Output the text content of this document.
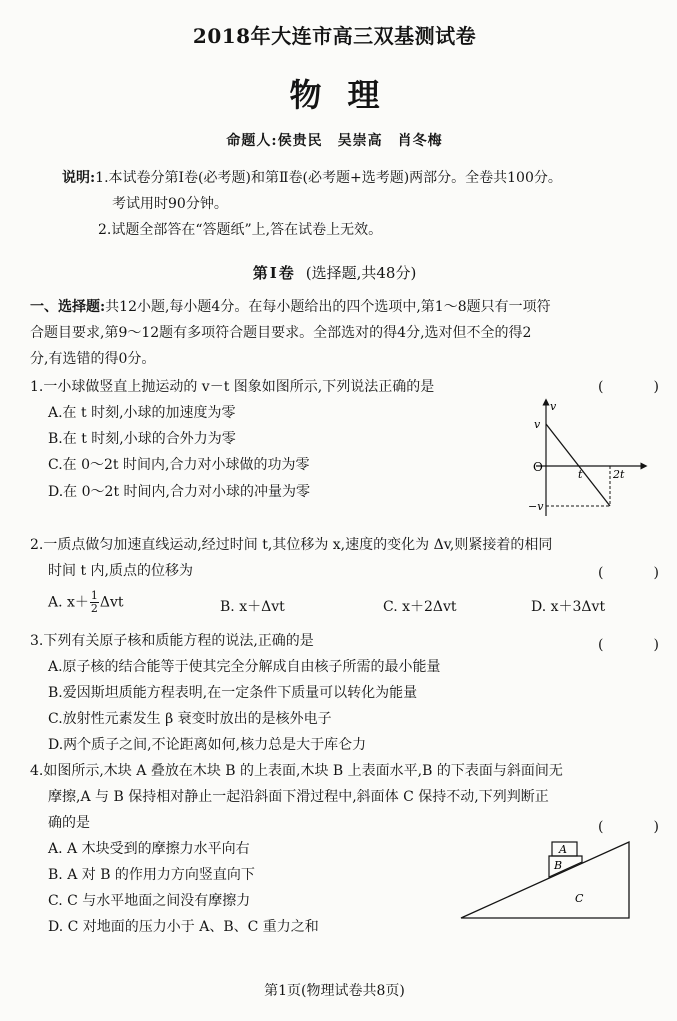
2018年大连市高三双基测试卷
物理
命题人:侯贵民　吴崇高　肖冬梅
说明:1.本试卷分第Ⅰ卷(必考题)和第Ⅱ卷(必考题+选考题)两部分。全卷共100分。
考试用时90分钟。
2.试题全部答在“答题纸”上,答在试卷上无效。
第Ⅰ卷 (选择题,共48分)
一、选择题:共12小题,每小题4分。在每小题给出的四个选项中,第1～8题只有一项符
合题目要求,第9～12题有多项符合题目要求。全部选对的得4分,选对但不全的得2
分,有选错的得0分。
1.一小球做竖直上抛运动的 v－t 图象如图所示,下列说法正确的是	(　)
A.在 t 时刻,小球的加速度为零
B.在 t 时刻,小球的合外力为零
C.在 0～2t 时间内,合力对小球做的功为零
D.在 0～2t 时间内,合力对小球的冲量为零
v
v
O
t	2t
−v
2.一质点做匀加速直线运动,经过时间 t,其位移为 x,速度的变化为 Δv,则紧接着的相同
时间 t 内,质点的位移为	(　)
A. $x+ \frac{1}{2}$ Δvt	B. x＋Δvt	C. x＋2Δvt	D. x＋3Δvt
3.下列有关原子核和质能方程的说法,正确的是	(　)
A.原子核的结合能等于使其完全分解成自由核子所需的最小能量
B.爱因斯坦质能方程表明,在一定条件下质量可以转化为能量
C.放射性元素发生 β 衰变时放出的是核外电子
D.两个质子之间,不论距离如何,核力总是大于库仑力
4.如图所示,木块 A 叠放在木块 B 的上表面,木块 B 上表面水平,B 的下表面与斜面间无
摩擦,A 与 B 保持相对静止一起沿斜面下滑过程中,斜面体 C 保持不动,下列判断正
确的是	(　)
A. A 木块受到的摩擦力水平向右
B. A 对 B 的作用力方向竖直向下
C. C 与水平地面之间没有摩擦力
D. C 对地面的压力小于 A、B、C 重力之和
A
B
C
第1页(物理试卷共8页)
